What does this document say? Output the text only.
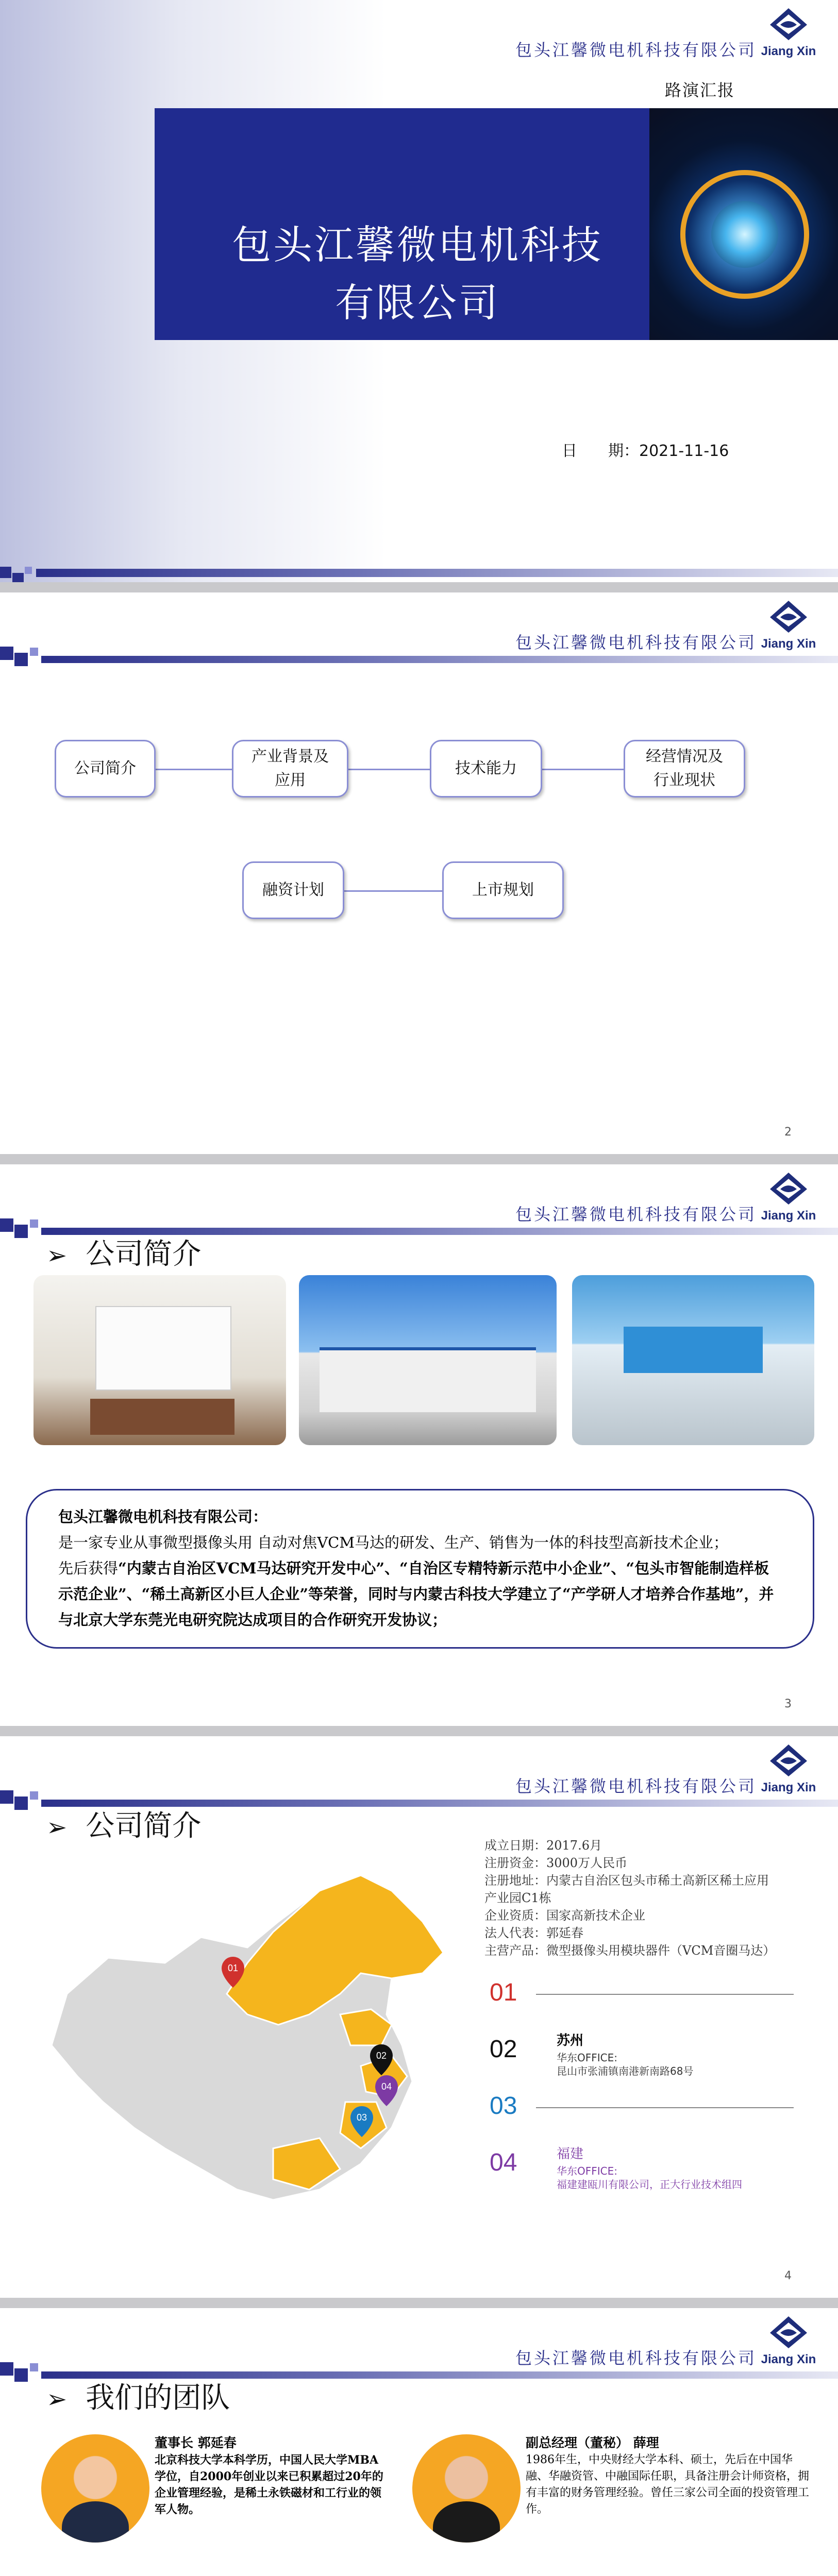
包头江馨微电机科技
有限公司
包头江馨微电机科技有限公司 Jiang Xin
路演汇报
日　　期：2021-11-16
包头江馨微电机科技有限公司 Jiang Xin
公司简介
产业背景及应用
技术能力
经营情况及行业现状
融资计划	上市规划
2
包头江馨微电机科技有限公司 Jiang Xin
➢ 公司简介

包头江馨微电机科技有限公司：

是一家专业从事微型摄像头用 自动对焦VCM马达的研发、生产、销售为一体的科技型高新技术企业；

先后获得“内蒙古自治区VCM马达研究开发中心”、“自治区专精特新示范中小企业”、“包头市智能制造样板示范企业”、“稀土高新区小巨人企业”等荣誉，同时与内蒙古科技大学建立了“产学研人才培养合作基地”，并与北京大学东莞光电研究院达成项目的合作研究开发协议；

3
包头江馨微电机科技有限公司 Jiang Xin
➢ 公司简介
01
02
03
04
成立日期：2017.6月
注册资金：3000万人民币
注册地址：内蒙古自治区包头市稀土高新区稀土应用产业园C1栋
企业资质：国家高新技术企业
法人代表：郭延春
主营产品：微型摄像头用模块器件（VCM音圈马达）
01
02	苏州
华东OFFICE:
昆山市张浦镇南港新南路68号
03
04	福建
华东OFFICE:
福建建瓯川有限公司，正大行业技术组四
4
包头江馨微电机科技有限公司 Jiang Xin
➢ 我们的团队
董事长 郭延春
北京科技大学本科学历，中国人民大学MBA学位，自2000年创业以来已积累超过20年的企业管理经验，是稀土永铁磁材和工行业的领军人物。
副总经理（董秘） 薛理
1986年生，中央财经大学本科、硕士，先后在中国华融、华融资管、中融国际任职，具备注册会计师资格，拥有丰富的财务管理经验。曾任三家公司全面的投资管理工作。
